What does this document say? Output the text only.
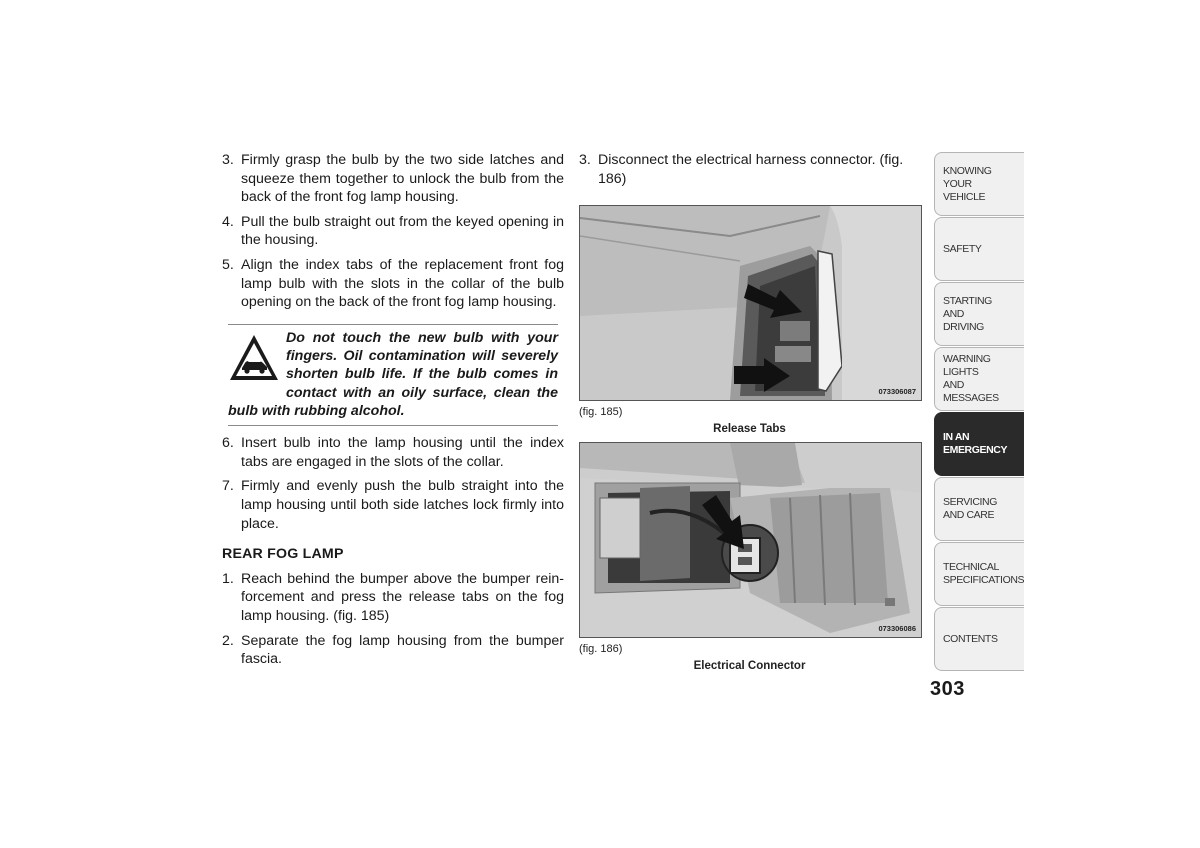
3. Firmly grasp the bulb by the two side latches and squeeze them together to unlock the bulb from the back of the front fog lamp housing.
4. Pull the bulb straight out from the keyed opening in the housing.
5. Align the index tabs of the replacement front fog lamp bulb with the slots in the collar of the bulb opening on the back of the front fog lamp housing.
Do not touch the new bulb with your fingers. Oil contamination will severely shorten bulb life. If the bulb comes in contact with an oily surface, clean the bulb with rubbing alcohol.
6. Insert bulb into the lamp housing until the index tabs are engaged in the slots of the collar.
7. Firmly and evenly push the bulb straight into the lamp housing until both side latches lock firmly into place.
REAR FOG LAMP
1. Reach behind the bumper above the bumper rein-forcement and press the release tabs on the fog lamp housing. (fig. 185)
2. Separate the fog lamp housing from the bumper fascia.
3. Disconnect the electrical harness connector. (fig. 186)
073306087
(fig. 185)
Release Tabs
073306086
(fig. 186)
Electrical Connector
KNOWING
YOUR
VEHICLE
SAFETY
STARTING
AND
DRIVING
WARNING
LIGHTS
AND
MESSAGES
IN AN
EMERGENCY
SERVICING
AND CARE
TECHNICAL
SPECIFICATIONS
CONTENTS
303
